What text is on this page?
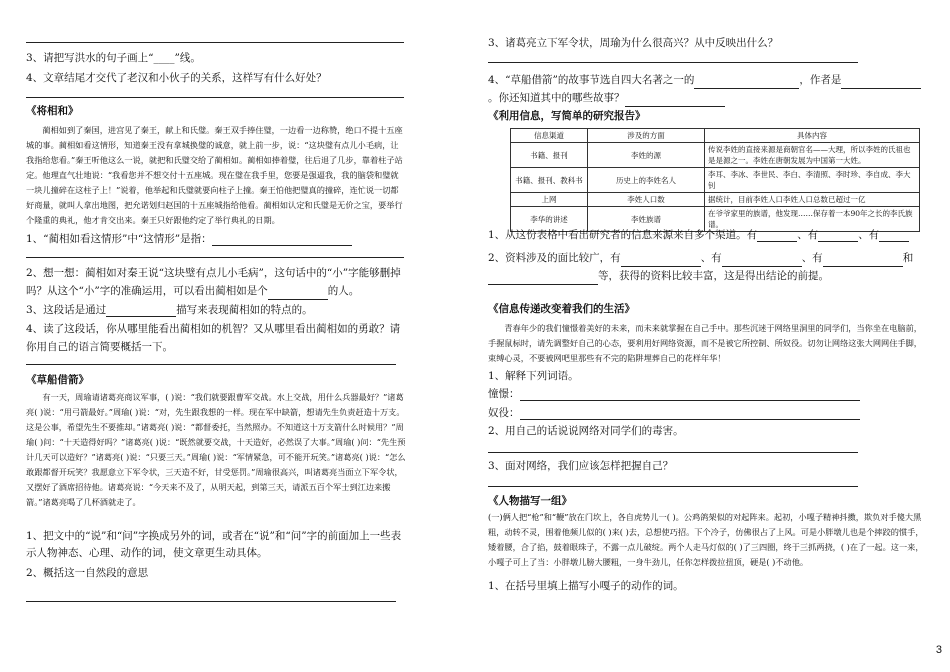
3、请把写洪水的句子画上“____”线。
4、文章结尾才交代了老汉和小伙子的关系，这样写有什么好处？
《将相和》
蔺相如到了秦国，进宫见了秦王，献上和氏璧。秦王双手捧住璧，一边看一边称赞，绝口不提十五座城的事。蔺相如看这情形，知道秦王没有拿城换璧的诚意，就上前一步，说：“这块璧有点儿小毛病，让我指给您看。”秦王听他这么一说，就把和氏璧交给了蔺相如。蔺相如捧着璧，往后退了几步，靠着柱子站定。他理直气壮地说：“我看您并不想交付十五座城。现在璧在我手里，您要是强逼我，我的脑袋和璧就一块儿撞碎在这柱子上！”说着，他举起和氏璧就要向柱子上撞。秦王怕他把璧真的撞碎，连忙说一切都好商量，就叫人拿出地图，把允诺划归赵国的十五座城指给他看。蔺相如认定和氏璧是无价之宝，要举行个隆重的典礼，他才肯交出来。秦王只好跟他约定了举行典礼的日期。
1、“蔺相如看这情形”中“这情形”是指：
2、想一想：蔺相如对秦王说“这块璧有点儿小毛病”，这句话中的“小”字能够删掉吗？从这个“小”字的准确运用，可以看出蔺相如是个	的人。
3、这段话是通过	描写来表现蔺相如的特点的。
4、读了这段话，你从哪里能看出蔺相如的机智？又从哪里看出蔺相如的勇敢？请你用自己的语言简要概括一下。
《草船借箭》
有一天，周瑜请诸葛亮商议军事，( )说：“我们就要跟曹军交战。水上交战，用什么兵器最好？”诸葛亮( )说：“用弓箭最好。”周瑜( )说：“对，先生跟我想的一样。现在军中缺箭，想请先生负责赶造十万支。这是公事，希望先生不要推却。”诸葛亮( )说：“都督委托，当然照办。不知道这十万支箭什么时候用？”周瑜( )问：“十天造得好吗？”诸葛亮( )说：“既然就要交战，十天造好，必然误了大事。”周瑜( )问：“先生预计几天可以造好？”诸葛亮( )说：“只要三天。”周瑜( )说：“军情紧急，可不能开玩笑。”诸葛亮( )说：“怎么敢跟都督开玩笑？我愿意立下军令状，三天造不好，甘受惩罚。”周瑜很高兴，叫诸葛亮当面立下军令状，又摆好了酒席招待他。诸葛亮说：“今天来不及了，从明天起，到第三天，请派五百个军士到江边来搬箭。”诸葛亮喝了几杯酒就走了。
1、把文中的“说”和“问”字换成另外的词，或者在“说”和“问”字的前面加上一些表示人物神态、心理、动作的词，使文章更生动具体。
2、概括这一自然段的意思
3、诸葛亮立下军令状，周瑜为什么很高兴？从中反映出什么？
4、“草船借箭”的故事节选自四大名著之一的	，作者是。你还知道其中的哪些故事？
《利用信息，写简单的研究报告》
信息渠道	涉及的方面	具体内容
书籍、报刊	李姓的源	传说李姓的直接来源是商朝官名——大理，所以李姓的氏祖也是是源之一。李姓在唐朝发展为中国第一大姓。
书籍、报刊、教科书	历史上的李姓名人	李耳、李冰、李世民、李白、李清照、李时珍、李自成、李大钊
上网	李姓人口数	据统计，目前李姓人口李姓人口总数已超过一亿
李华的讲述	李姓族谱	在爷爷家里的族谱，他发现……保存着一本90年之长的李氏族谱。
1、从这份表格中看出研究者的信息来源来自多个渠道。有	、有	、有
2、资料涉及的面比较广，有	、有	、有	和等，获得的资料比较丰富，这是得出结论的前提。
《信息传递改变着我们的生活》
青春年少的我们憧憬着美好的未来，而未来就掌握在自己手中。那些沉迷于网络里洞里的同学们，当你坐在电脑前，手握鼠标时，请先调整好自己的心态，要利用好网络资源，而不是被它所控制、所奴役。切勿让网络这张大网网住手脚，束缚心灵，不要被网吧里那些有不完的陷阱埋葬自己的花样年华！
1、解释下列词语。
憧憬：
奴役：
2、用自己的话说说网络对同学们的毒害。
3、面对网络，我们应该怎样把握自己？
《人物描写一组》
(一)俩人把“枪”和“鞭”放在门坎上，各自虎势儿一( )。公鸡鸽架似的对起阵来。起初，小嘎子精神抖擞，欺负对手傻大黑粗，动转不灵，围着他频儿似的( )来( )去，总想使巧招。下个冷子，仿佛很占了上风。可是小胖墩儿也是个摔跤的惯手，矮着腰，合了掐，鼓着眼珠子，不露一点儿破绽。两个人走马灯似的( )了三四圈，终于三抓两挠，( )在了一起。这一来，小嘎子可上了当：小胖墩儿膀大腰粗，一身牛劲儿，任你怎样拨拉扭顶，硬是( )不动他。
1、在括号里填上描写小嘎子的动作的词。
3
